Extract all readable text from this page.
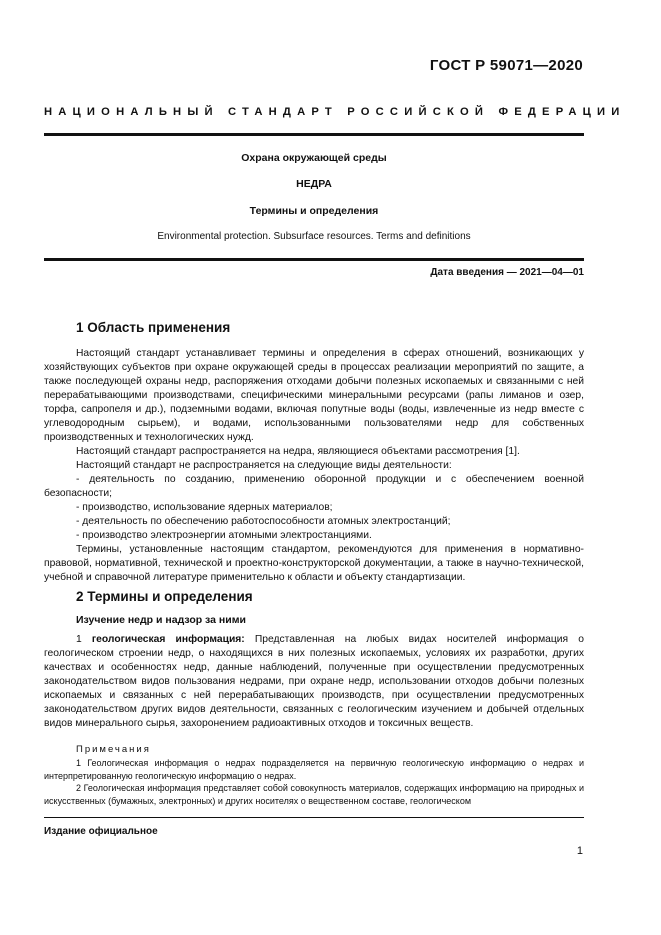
ГОСТ Р 59071—2020
НАЦИОНАЛЬНЫЙ СТАНДАРТ РОССИЙСКОЙ ФЕДЕРАЦИИ
Охрана окружающей среды
НЕДРА
Термины и определения
Environmental protection. Subsurface resources. Terms and definitions
Дата введения — 2021—04—01
1 Область применения

Настоящий стандарт устанавливает термины и определения в сферах отношений, возникающих у хозяйствующих субъектов при охране окружающей среды в процессах реализации мероприятий по защите, а также последующей охраны недр, распоряжения отходами добычи полезных ископаемых и связанными с ней перерабатывающими производствами, специфическими минеральными ресурсами (рапы лиманов и озер, торфа, сапропеля и др.), подземными водами, включая попутные воды (воды, извлеченные из недр вместе с углеводородным сырьем), и водами, использованными пользователями недр для собственных производственных и технологических нужд.

Настоящий стандарт распространяется на недра, являющиеся объектами рассмотрения [1].

Настоящий стандарт не распространяется на следующие виды деятельности:

- деятельность по созданию, применению оборонной продукции и с обеспечением военной безопасности;

- производство, использование ядерных материалов;

- деятельность по обеспечению работоспособности атомных электростанций;

- производство электроэнергии атомными электростанциями.

Термины, установленные настоящим стандартом, рекомендуются для применения в нормативно-правовой, нормативной, технической и проектно-конструкторской документации, а также в научно-технической, учебной и справочной литературе применительно к области и объекту стандартизации.

2 Термины и определения
Изучение недр и надзор за ними

1 геологическая информация: Представленная на любых видах носителей информация о геологическом строении недр, о находящихся в них полезных ископаемых, условиях их разработки, других качествах и особенностях недр, данные наблюдений, полученные при осуществлении предусмотренных законодательством видов пользования недрами, при охране недр, использовании отходов добычи полезных ископаемых и связанных с ней перерабатывающих производств, при осуществлении предусмотренных законодательством других видов деятельности, связанных с геологическим изучением и добычей отдельных видов минерального сырья, захоронением радиоактивных отходов и токсичных веществ.

Примечания

1 Геологическая информация о недрах подразделяется на первичную геологическую информацию о недрах и интерпретированную геологическую информацию о недрах.

2 Геологическая информация представляет собой совокупность материалов, содержащих информацию на природных и искусственных (бумажных, электронных) и других носителях о вещественном составе, геологическом

Издание официальное
1
